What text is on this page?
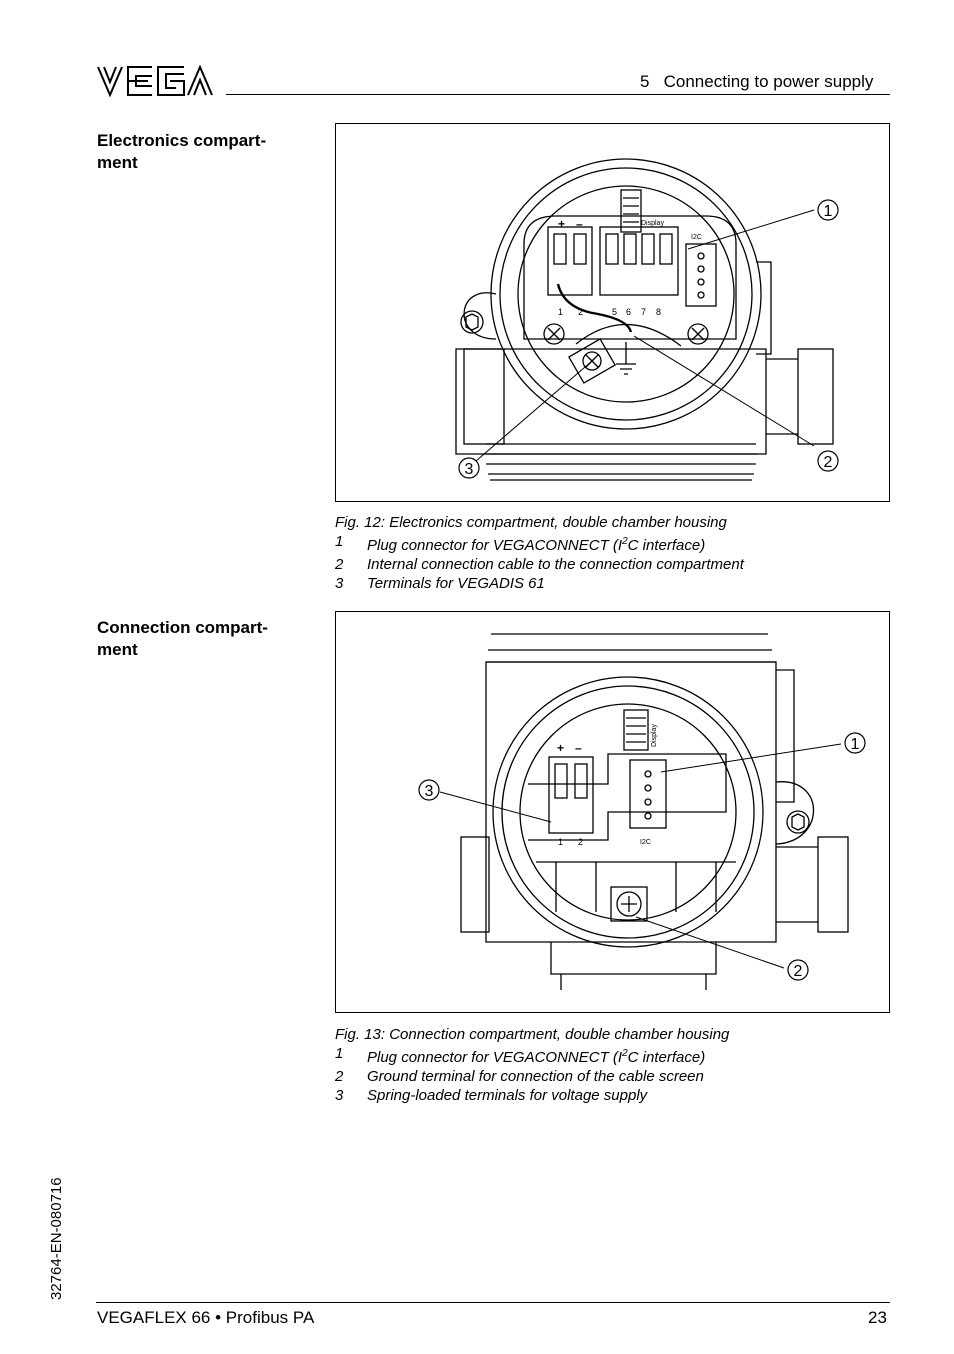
5   Connecting to power supply
Electronics compart-
ment
Connection compart-
ment
1
2
3
Display
I2C
+ –
1 2	5 6 7 8
Fig. 12: Electronics compartment, double chamber housing
1	Plug connector for VEGACONNECT ($I^2C$ interface)
2	Internal connection cable to the connection compartment
3	Terminals for VEGADIS 61
1
2
3
Display
I2C
+ –
1 2
Fig. 13: Connection compartment, double chamber housing
1	Plug connector for VEGACONNECT ($I^2C$ interface)
2	Ground terminal for connection of the cable screen
3	Spring-loaded terminals for voltage supply
32764-EN-080716
VEGAFLEX 66 • Profibus PA	23
